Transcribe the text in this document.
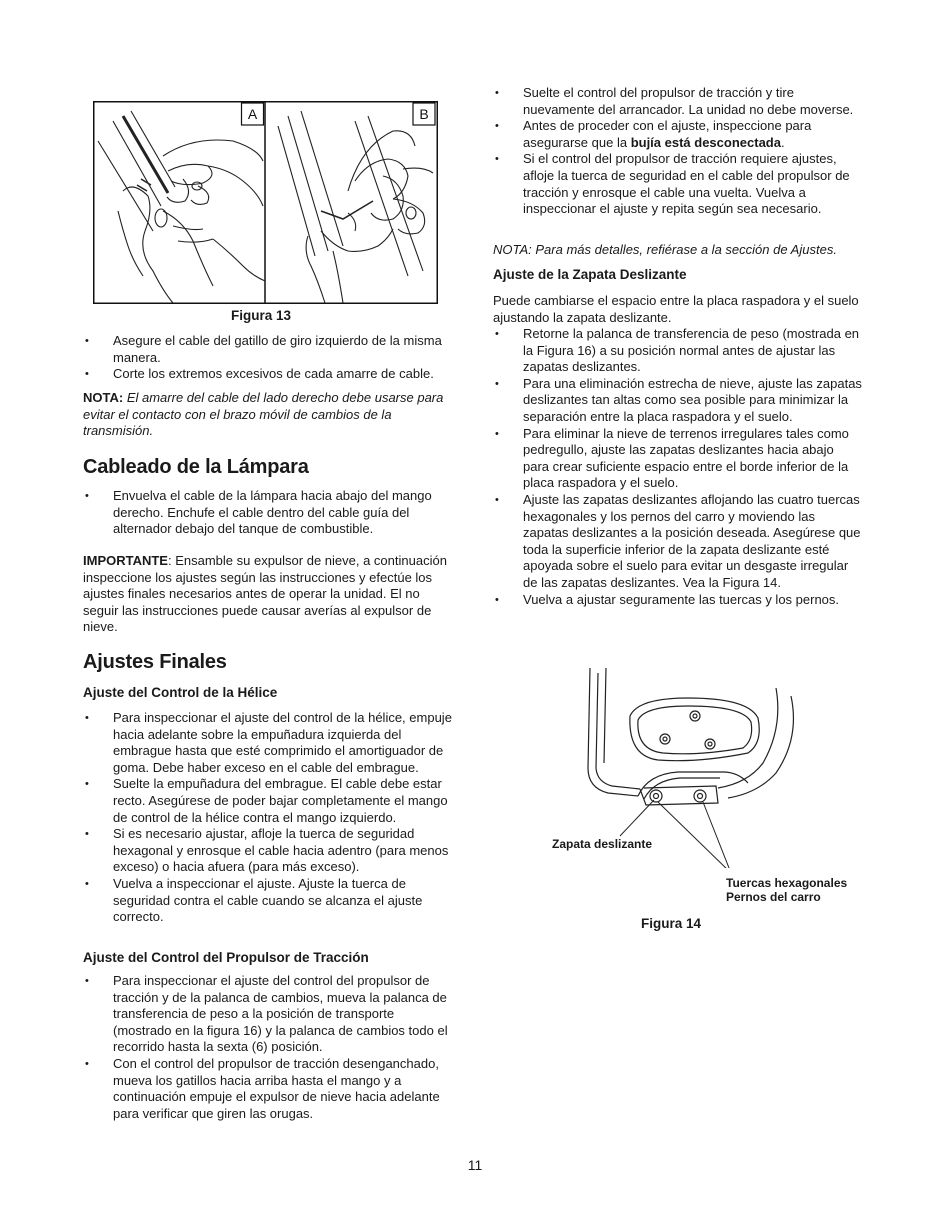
A	B
Figura 13
• Asegure el cable del gatillo de giro izquierdo de la misma manera.
• Corte los extremos excesivos de cada amarre de cable.

NOTA: El amarre del cable del lado derecho debe usarse para evitar el contacto con el brazo móvil de cambios de la transmisión.

Cableado de la Lámpara
• Envuelva el cable de la lámpara hacia abajo del mango derecho. Enchufe el cable dentro del cable guía del alternador debajo del tanque de combustible.

IMPORTANTE: Ensamble su expulsor de nieve, a continuación inspeccione los ajustes según las instrucciones y efectúe los ajustes finales necesarios antes de operar la unidad. El no seguir las instrucciones puede causar averías al expulsor de nieve.

Ajustes Finales
Ajuste del Control de la Hélice
• Para inspeccionar el ajuste del control de la hélice, empuje hacia adelante sobre la empuñadura izquierda del embrague hasta que esté comprimido el amortiguador de goma. Debe haber exceso en el cable del embrague.
• Suelte la empuñadura del embrague. El cable debe estar recto. Asegúrese de poder bajar completamente el mango de control de la hélice contra el mango izquierdo.
• Si es necesario ajustar, afloje la tuerca de seguridad hexagonal y enrosque el cable hacia adentro (para menos exceso) o hacia afuera (para más exceso).
• Vuelva a inspeccionar el ajuste. Ajuste la tuerca de seguridad contra el cable cuando se alcanza el ajuste correcto.
Ajuste del Control del Propulsor de Tracción
• Para inspeccionar el ajuste del control del propulsor de tracción y de la palanca de cambios, mueva la palanca de transferencia de peso a la posición de transporte (mostrado en la figura 16) y la palanca de cambios todo el recorrido hasta la sexta (6) posición.
• Con el control del propulsor de tracción desenganchado, mueva los gatillos hacia arriba hasta el mango y a continuación empuje el expulsor de nieve hacia adelante para verificar que giren las orugas.
• Suelte el control del propulsor de tracción y tire nuevamente del arrancador. La unidad no debe moverse.
• Antes de proceder con el ajuste, inspeccione para asegurarse que la bujía está desconectada.
• Si el control del propulsor de tracción requiere ajustes, afloje la tuerca de seguridad en el cable del propulsor de tracción y enrosque el cable una vuelta. Vuelva a inspeccionar el ajuste y repita según sea necesario.

NOTA: Para más detalles, refiérase a la sección de Ajustes.

Ajuste de la Zapata Deslizante

Puede cambiarse el espacio entre la placa raspadora y el suelo ajustando la zapata deslizante.

• Retorne la palanca de transferencia de peso (mostrada en la Figura 16) a su posición normal antes de ajustar las zapatas deslizantes.
• Para una eliminación estrecha de nieve, ajuste las zapatas deslizantes tan altas como sea posible para minimizar la separación entre la placa raspadora y el suelo.
• Para eliminar la nieve de terrenos irregulares tales como pedregullo, ajuste las zapatas deslizantes hacia abajo para crear suficiente espacio entre el borde inferior de la placa raspadora y el suelo.
• Ajuste las zapatas deslizantes aflojando las cuatro tuercas hexagonales y los pernos del carro y moviendo las zapatas deslizantes a la posición deseada. Asegúrese que toda la superficie inferior de la zapata deslizante esté apoyada sobre el suelo para evitar un desgaste irregular de las zapatas deslizantes. Vea la Figura 14.
• Vuelva a ajustar seguramente las tuercas y los pernos.
Zapata deslizante
Tuercas hexagonales
Pernos del carro
Figura 14
11
